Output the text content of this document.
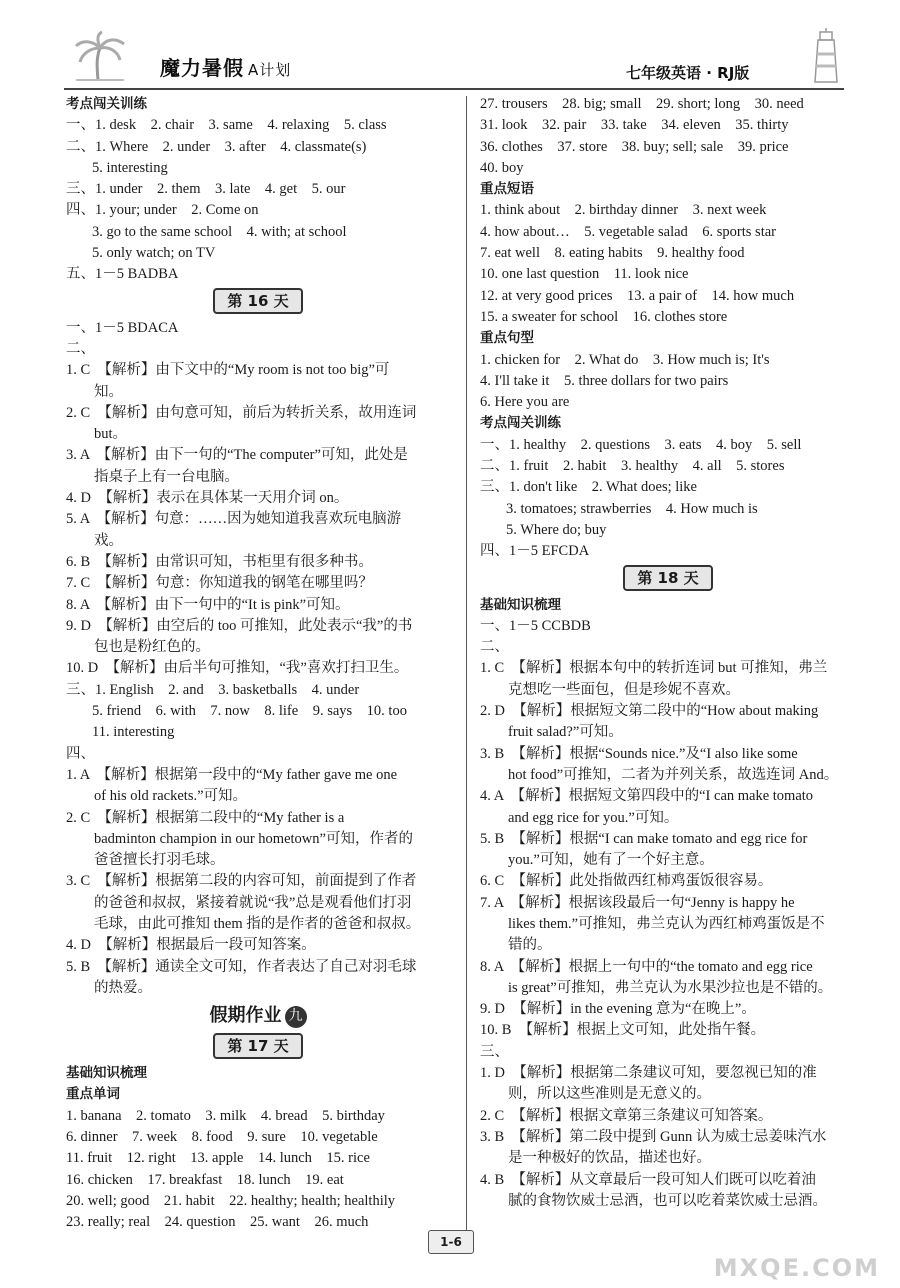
魔力暑假 A计划	七年级英语 · RJ版
考点闯关训练
一、1. desk　2. chair　3. same　4. relaxing　5. class
二、1. Where　2. under　3. after　4. classmate(s)
5. interesting
三、1. under　2. them　3. late　4. get　5. our
四、1. your; under　2. Come on
3. go to the same school　4. with; at school
5. only watch; on TV
五、1－5 BADBA
第 16 天
一、1－5 BDACA
二、
1. C　【解析】由下文中的“My room is not too big”可
知。
2. C　【解析】由句意可知，前后为转折关系，故用连词
but。
3. A　【解析】由下一句的“The computer”可知，此处是
指桌子上有一台电脑。
4. D　【解析】表示在具体某一天用介词 on。
5. A　【解析】句意：……因为她知道我喜欢玩电脑游
戏。
6. B　【解析】由常识可知，书柜里有很多种书。
7. C　【解析】句意：你知道我的钢笔在哪里吗？
8. A　【解析】由下一句中的“It is pink”可知。
9. D　【解析】由空后的 too 可推知，此处表示“我”的书
包也是粉红色的。
10. D　【解析】由后半句可推知，“我”喜欢打扫卫生。
三、1. English　2. and　3. basketballs　4. under
5. friend　6. with　7. now　8. life　9. says　10. too
11. interesting
四、
1. A　【解析】根据第一段中的“My father gave me one
of his old rackets.”可知。
2. C　【解析】根据第二段中的“My father is a
badminton champion in our hometown”可知，作者的
爸爸擅长打羽毛球。
3. C　【解析】根据第二段的内容可知，前面提到了作者
的爸爸和叔叔，紧接着就说“我”总是观看他们打羽
毛球，由此可推知 them 指的是作者的爸爸和叔叔。
4. D　【解析】根据最后一段可知答案。
5. B　【解析】通读全文可知，作者表达了自己对羽毛球
的热爱。
假期作业 九
第 17 天
基础知识梳理
重点单词
1. banana　2. tomato　3. milk　4. bread　5. birthday
6. dinner　7. week　8. food　9. sure　10. vegetable
11. fruit　12. right　13. apple　14. lunch　15. rice
16. chicken　17. breakfast　18. lunch　19. eat
20. well; good　21. habit　22. healthy; health; healthily
23. really; real　24. question　25. want　26. much
27. trousers　28. big; small　29. short; long　30. need
31. look　32. pair　33. take　34. eleven　35. thirty
36. clothes　37. store　38. buy; sell; sale　39. price
40. boy
重点短语
1. think about　2. birthday dinner　3. next week
4. how about…　5. vegetable salad　6. sports star
7. eat well　8. eating habits　9. healthy food
10. one last question　11. look nice
12. at very good prices　13. a pair of　14. how much
15. a sweater for school　16. clothes store
重点句型
1. chicken for　2. What do　3. How much is; It's
4. I'll take it　5. three dollars for two pairs
6. Here you are
考点闯关训练
一、1. healthy　2. questions　3. eats　4. boy　5. sell
二、1. fruit　2. habit　3. healthy　4. all　5. stores
三、1. don't like　2. What does; like
3. tomatoes; strawberries　4. How much is
5. Where do; buy
四、1－5 EFCDA
第 18 天
基础知识梳理
一、1－5 CCBDB
二、
1. C　【解析】根据本句中的转折连词 but 可推知，弗兰
克想吃一些面包，但是珍妮不喜欢。
2. D　【解析】根据短文第二段中的“How about making
fruit salad?”可知。
3. B　【解析】根据“Sounds nice.”及“I also like some
hot food”可推知，二者为并列关系，故选连词 And。
4. A　【解析】根据短文第四段中的“I can make tomato
and egg rice for you.”可知。
5. B　【解析】根据“I can make tomato and egg rice for
you.”可知，她有了一个好主意。
6. C　【解析】此处指做西红柿鸡蛋饭很容易。
7. A　【解析】根据该段最后一句“Jenny is happy he
likes them.”可推知，弗兰克认为西红柿鸡蛋饭是不
错的。
8. A　【解析】根据上一句中的“the tomato and egg rice
is great”可推知，弗兰克认为水果沙拉也是不错的。
9. D　【解析】in the evening 意为“在晚上”。
10. B　【解析】根据上文可知，此处指午餐。
三、
1. D　【解析】根据第二条建议可知，要忽视已知的准
则，所以这些准则是无意义的。
2. C　【解析】根据文章第三条建议可知答案。
3. B　【解析】第二段中提到 Gunn 认为威士忌姜味汽水
是一种极好的饮品，描述也好。
4. B　【解析】从文章最后一段可知人们既可以吃着油
腻的食物饮威士忌酒，也可以吃着菜饮威士忌酒。
1-6
MXQE.COM
